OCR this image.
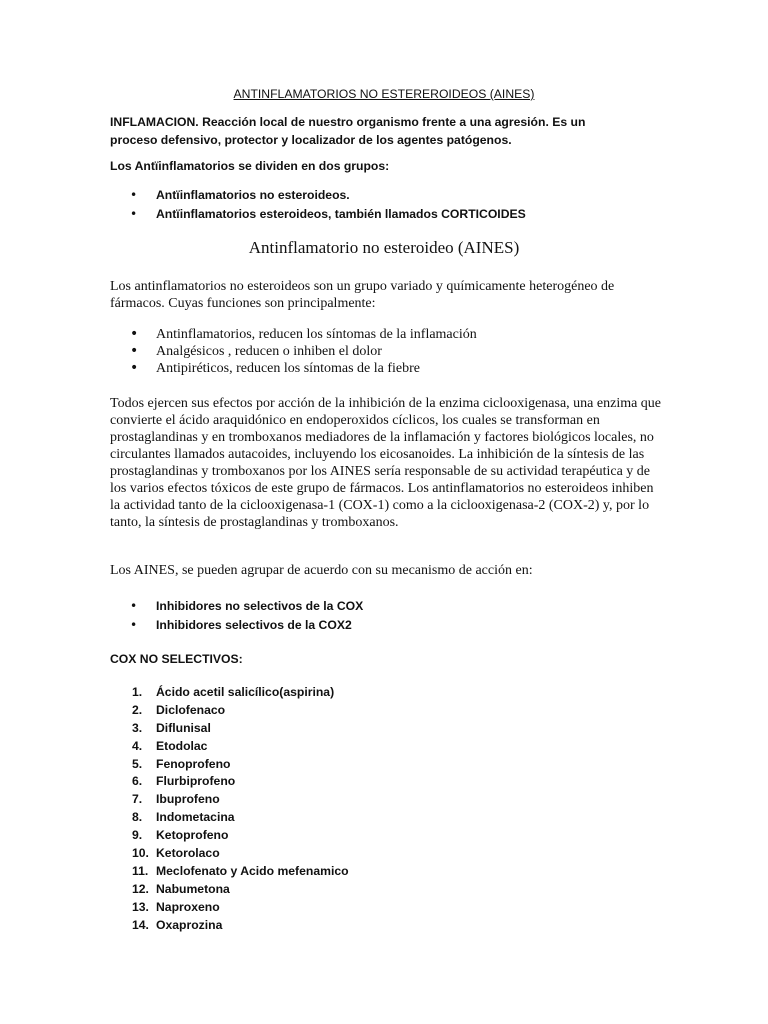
ANTINFLAMATORIOS NO ESTEREROIDEOS (AINES)

INFLAMACION. Reacción local de nuestro organismo frente a una agresión. Es un proceso defensivo, protector y localizador de los agentes patógenos.

Los Antïinflamatorios se dividen en dos grupos:

• Antïinflamatorios no esteroideos.
• Antïinflamatorios esteroideos, también llamados CORTICOIDES
Antinflamatorio no esteroideo (AINES)

Los antinflamatorios no esteroideos son un grupo variado y químicamente heterogéneo de fármacos. Cuyas funciones son principalmente:

• Antinflamatorios, reducen los síntomas de la inflamación
• Analgésicos , reducen o inhiben el dolor
• Antipiréticos, reducen los síntomas de la fiebre

Todos ejercen sus efectos por acción de la inhibición de la enzima ciclooxigenasa, una enzima que convierte el ácido araquidónico en endoperoxidos cíclicos, los cuales se transforman en prostaglandinas y en tromboxanos mediadores de la inflamación y factores biológicos locales, no circulantes llamados autacoides, incluyendo los eicosanoides. La inhibición de la síntesis de las prostaglandinas y tromboxanos por los AINES sería responsable de su actividad terapéutica y de los varios efectos tóxicos de este grupo de fármacos. Los antinflamatorios no esteroideos inhiben la actividad tanto de la ciclooxigenasa-1 (COX-1) como a la ciclooxigenasa-2 (COX-2) y, por lo tanto, la síntesis de prostaglandinas y tromboxanos.

Los AINES, se pueden agrupar de acuerdo con su mecanismo de acción en:

• Inhibidores no selectivos de la COX
• Inhibidores selectivos de la COX2

COX NO SELECTIVOS:

1. Ácido acetil salicílico(aspirina)
2. Diclofenaco
3. Diflunisal
4. Etodolac
5. Fenoprofeno
6. Flurbiprofeno
7. Ibuprofeno
8. Indometacina
9. Ketoprofeno
10. Ketorolaco
11. Meclofenato y Acido mefenamico
12. Nabumetona
13. Naproxeno
14. Oxaprozina
